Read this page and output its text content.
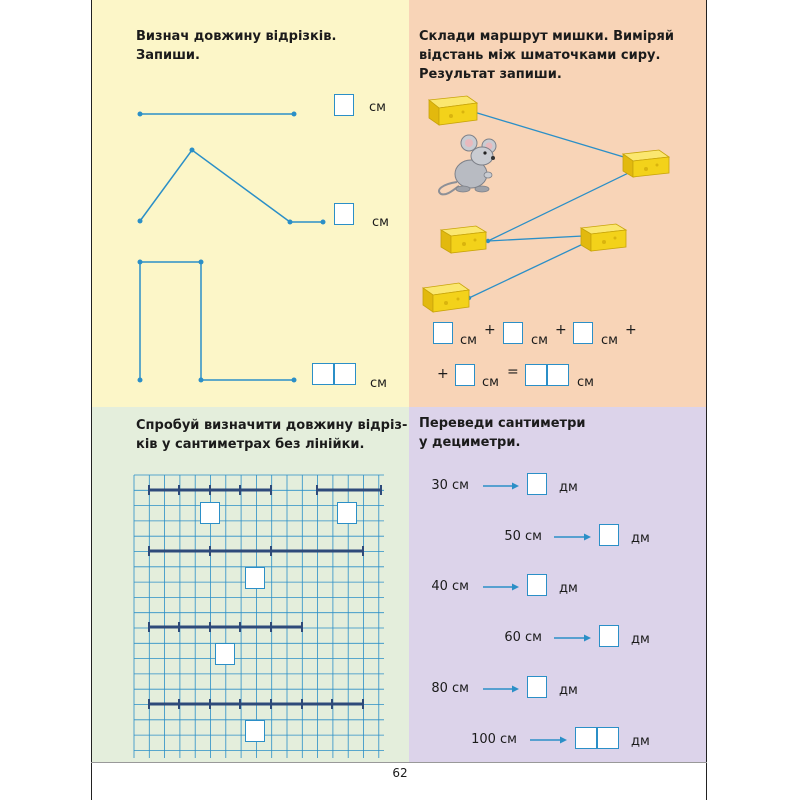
Визнач довжину відрізків.
Запиши.
см
см
см
Склади маршрут мишки. Виміряй
відстань між шматочками сиру.
Результат запиши.
см
+
см
+
см
+
+
см
=
см
Спробуй визначити довжину відріз-
ків у сантиметрах без лінійки.
Переведи сантиметри
у дециметри.
30 см	дм
50 см	дм
40 см	дм
60 см	дм
80 см	дм
100 см	дм
62
